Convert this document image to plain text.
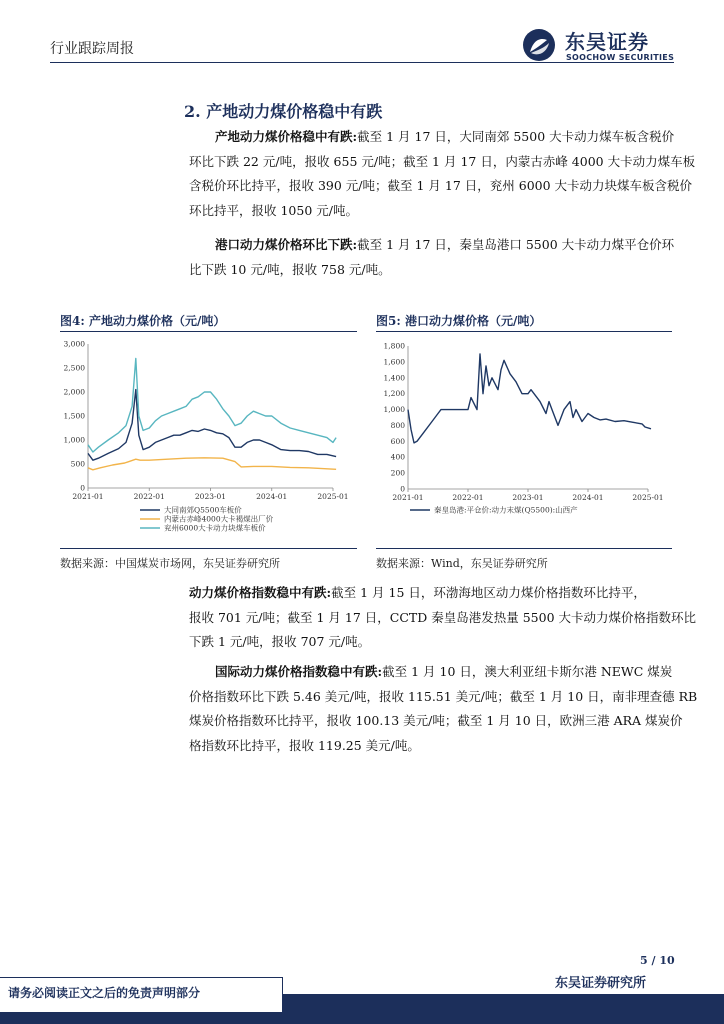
行业跟踪周报	东吴证券
SOOCHOW SECURITIES
2. 产地动力煤价格稳中有跌

产地动力煤价格稳中有跌:截至 1 月 17 日，大同南郊 5500 大卡动力煤车板含税价
环比下跌 22 元/吨，报收 655 元/吨；截至 1 月 17 日，内蒙古赤峰 4000 大卡动力煤车板
含税价环比持平，报收 390 元/吨；截至 1 月 17 日，兖州 6000 大卡动力块煤车板含税价
环比持平，报收 1050 元/吨。

港口动力煤价格环比下跌:截至 1 月 17 日，秦皇岛港口 5500 大卡动力煤平仓价环
比下跌 10 元/吨，报收 758 元/吨。

图4: 产地动力煤价格（元/吨）
0
500
1,000
1,500
2,000
2,500
3,000
2021-01	2022-01	2023-01	2024-01	2025-01
大同南郊Q5500车板价
内蒙古赤峰4000大卡褐煤出厂价
兖州6000大卡动力块煤车板价
数据来源：中国煤炭市场网，东吴证券研究所
图5: 港口动力煤价格（元/吨）
0
200
400
600
800
1,000
1,200
1,400
1,600
1,800
2021-01	2022-01	2023-01	2024-01	2025-01
秦皇岛港:平仓价:动力末煤(Q5500):山西产
数据来源：Wind，东吴证券研究所

动力煤价格指数稳中有跌:截至 1 月 15 日，环渤海地区动力煤价格指数环比持平，
报收 701 元/吨；截至 1 月 17 日，CCTD 秦皇岛港发热量 5500 大卡动力煤价格指数环比
下跌 1 元/吨，报收 707 元/吨。

国际动力煤价格指数稳中有跌:截至 1 月 10 日，澳大利亚纽卡斯尔港 NEWC 煤炭
价格指数环比下跌 5.46 美元/吨，报收 115.51 美元/吨；截至 1 月 10 日，南非理查德 RB
煤炭价格指数环比持平，报收 100.13 美元/吨；截至 1 月 10 日，欧洲三港 ARA 煤炭价
格指数环比持平，报收 119.25 美元/吨。

5 / 10
请务必阅读正文之后的免责声明部分
东吴证券研究所
